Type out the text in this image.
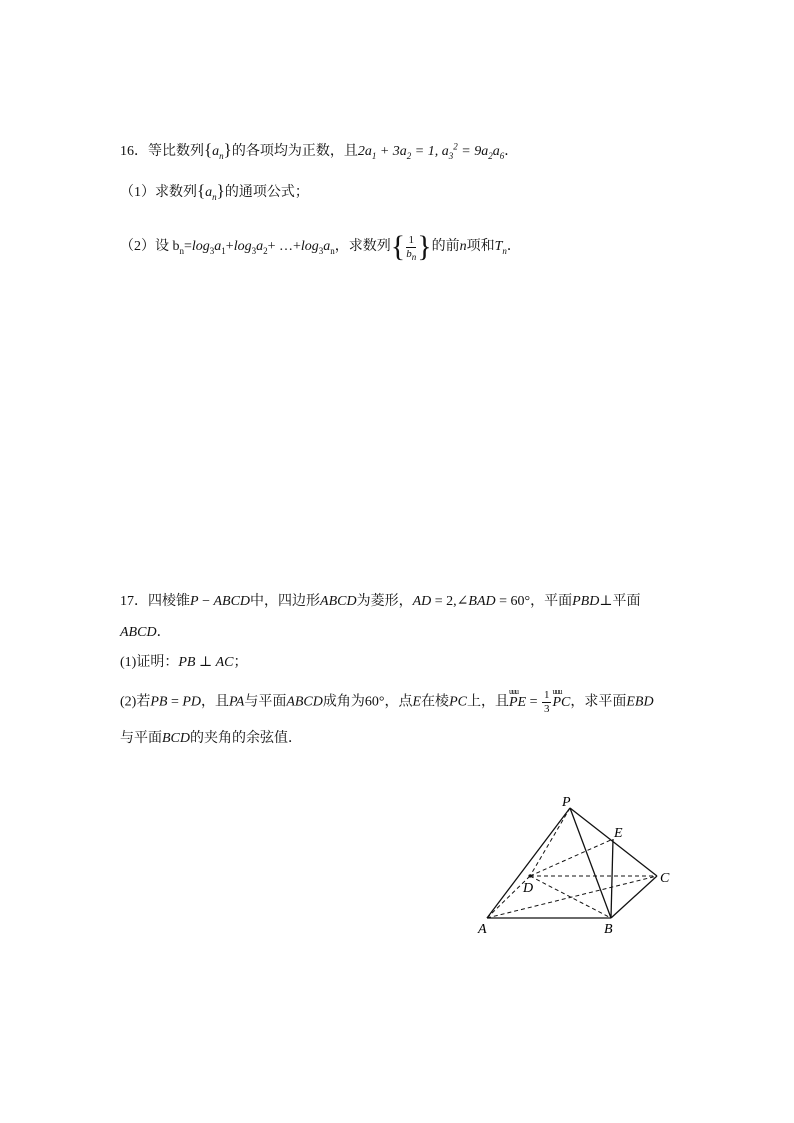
16．等比数列$\{a_n\}$的各项均为正数，且$2a_1 + 3a_2 = 1$, $a_3^2 = 9a_2a_6$．
（1）求数列$\{a_n\}$的通项公式；
（2）设 $b_n=\log_3a_1+\log_3a_2+$ $\dots+\log_3a_n$，求数列{ $\frac{1}{b_n}$ }的前n项和$T_n$．
17．四棱锥P − ABCD中，四边形ABCD为菱形，AD = 2,∠BAD = 60°，平面PBD⊥平面
ABCD．
(1)证明：PB ⊥ AC；
(2)若PB = PD，且PA与平面ABCD成角为60°，点E在棱PC上，且uuu PE = $\frac{1}{3}$
uuu PC，求平面EBD
与平面BCD的夹角的余弦值．
P
E
C
D
A	B
